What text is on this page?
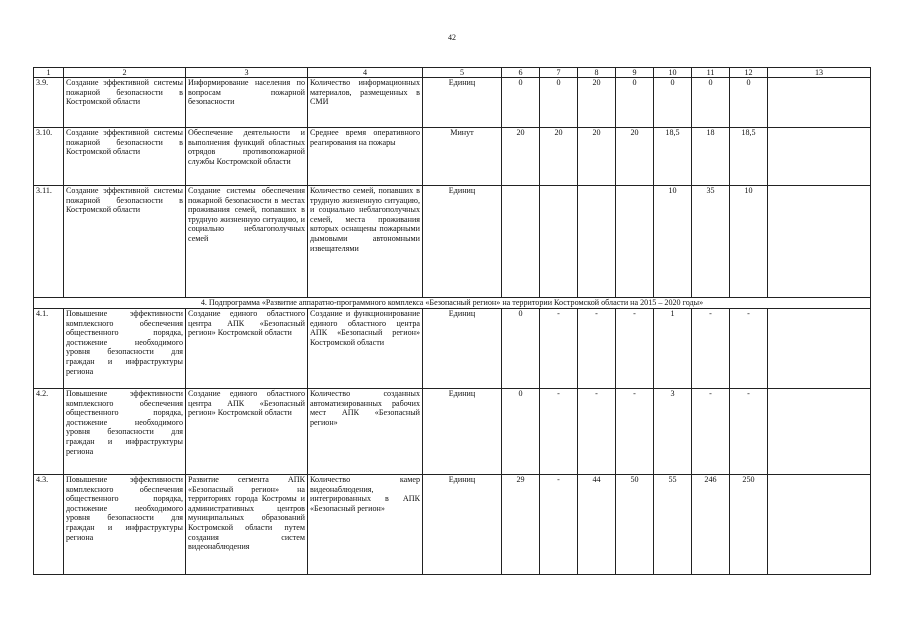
42
1	2	3	4	5	6	7	8	9	10	11	12	13
3.9.	Создание эффективной системы пожарной безопасности в Костромской области	Информирование населения по вопросам пожарной безопасности	Количество информационных материалов, размещенных в СМИ	Единиц	0	0	20	0	0	0	0	
3.10.	Создание эффективной системы пожарной безопасности в Костромской области	Обеспечение деятельности и выполнения функций областных отрядов противопожарной службы Костромской области	Среднее время оперативного реагирования на пожары	Минут	20	20	20	20	18,5	18	18,5	
3.11.	Создание эффективной системы пожарной безопасности в Костромской области	Создание системы обеспечения пожарной безопасности в местах проживания семей, попавших в трудную жизненную ситуацию, и социально неблагополучных семей	Количество семей, попавших в трудную жизненную ситуацию, и социально неблагополучных семей, места проживания которых оснащены пожарными дымовыми автономными извещателями	Единиц					10	35	10	
4. Подпрограмма «Развитие аппаратно-программного комплекса «Безопасный регион» на территории Костромской области на 2015 – 2020 годы»												
4.1.	Повышение эффективности комплексного обеспечения общественного порядка, достижение необходимого уровня безопасности для граждан и инфраструктуры региона	Создание единого областного центра АПК «Безопасный регион» Костромской области	Создание и функционирование единого областного центра АПК «Безопасный регион» Костромской области	Единиц	0	-	-	-	1	-	-	
4.2.	Повышение эффективности комплексного обеспечения общественного порядка, достижение необходимого уровня безопасности для граждан и инфраструктуры региона	Создание единого областного центра АПК «Безопасный регион» Костромской области	Количество созданных автоматизированных рабочих мест АПК «Безопасный регион»	Единиц	0	-	-	-	3	-	-	
4.3.	Повышение эффективности комплексного обеспечения общественного порядка, достижение необходимого уровня безопасности для граждан и инфраструктуры региона	Развитие сегмента АПК «Безопасный регион» на территориях города Костромы и административных центров муниципальных образований Костромской области путем создания систем видеонаблюдения	Количество камер видеонаблюдения, интегрированных в АПК «Безопасный регион»	Единиц	29	-	44	50	55	246	250	
